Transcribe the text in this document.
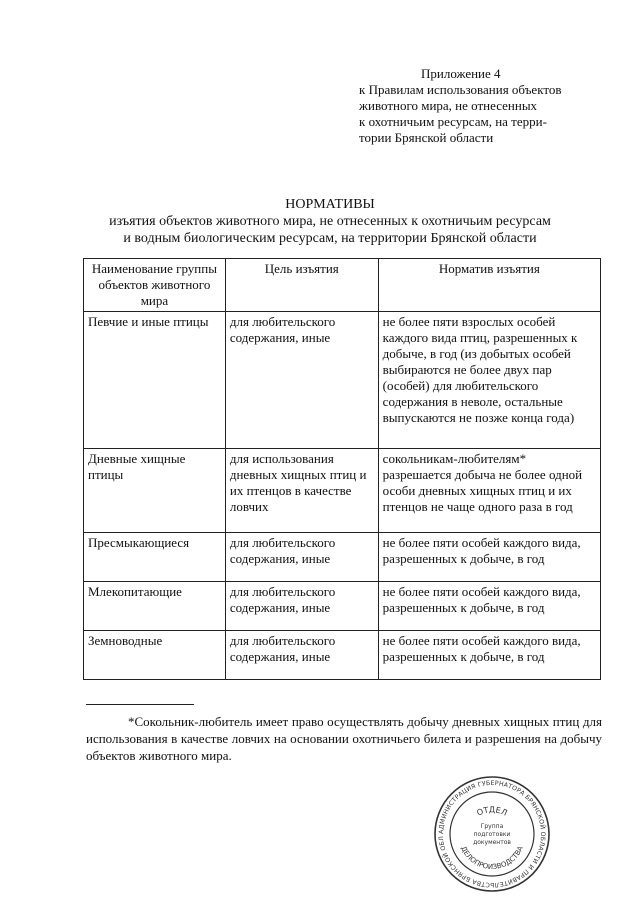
Приложение 4
к Правилам использования объектов
животного мира, не отнесенных
к охотничьим ресурсам, на терри-
тории Брянской области
НОРМАТИВЫ
изъятия объектов животного мира, не отнесенных к охотничьим ресурсам
и водным биологическим ресурсам, на территории Брянской области
Наименование группы объектов животного мира	Цель изъятия	Норматив изъятия
Певчие и иные птицы	для любительского содержания, иные	не более пяти взрослых особей каждого вида птиц, разрешенных к добыче, в год (из добытых особей выбираются не более двух пар (особей) для любительского содержания в неволе, остальные выпускаются не позже конца года)
Дневные хищные птицы	для использования дневных хищных птиц и их птенцов в качестве ловчих	сокольникам-любителям* разрешается добыча не более одной особи дневных хищных птиц и их птенцов не чаще одного раза в год
Пресмыкающиеся	для любительского содержания, иные	не более пяти особей каждого вида, разрешенных к добыче, в год
Млекопитающие	для любительского содержания, иные	не более пяти особей каждого вида, разрешенных к добыче, в год
Земноводные	для любительского содержания, иные	не более пяти особей каждого вида, разрешенных к добыче, в год
*Сокольник-любитель имеет право осуществлять добычу дневных хищных птиц для использования в качестве ловчих на основании охотничьего билета и разрешения на добычу объектов животного мира.
АДМИНИСТРАЦИЯ ГУБЕРНАТОРА БРЯНСКОЙ ОБЛАСТИ И ПРАВИТЕЛЬСТВА БРЯНСКОЙ ОБЛ
ОТДЕЛ
ДЕЛОПРОИЗВОДСТВА
Группа
подготовки
документов
